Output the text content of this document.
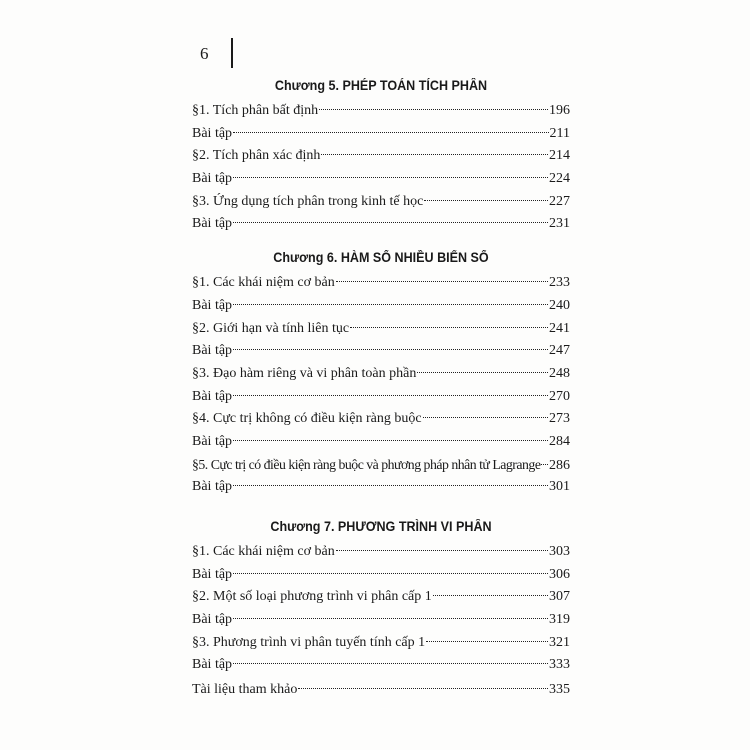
6
Chương 5. PHÉP TOÁN TÍCH PHÂN
§1. Tích phân bất định	196
Bài tập	211
§2. Tích phân xác định	214
Bài tập	224
§3. Ứng dụng tích phân trong kinh tế học	227
Bài tập	231
Chương 6. HÀM SỐ NHIỀU BIẾN SỐ
§1. Các khái niệm cơ bản	233
Bài tập	240
§2. Giới hạn và tính liên tục	241
Bài tập	247
§3. Đạo hàm riêng và vi phân toàn phần	248
Bài tập	270
§4. Cực trị không có điều kiện ràng buộc	273
Bài tập	284
§5. Cực trị có điều kiện ràng buộc và phương pháp nhân tử Lagrange 286
Bài tập	301
Chương 7. PHƯƠNG TRÌNH VI PHÂN
§1. Các khái niệm cơ bản	303
Bài tập	306
§2. Một số loại phương trình vi phân cấp 1	307
Bài tập	319
§3. Phương trình vi phân tuyến tính cấp 1	321
Bài tập	333
Tài liệu tham khảo	335
